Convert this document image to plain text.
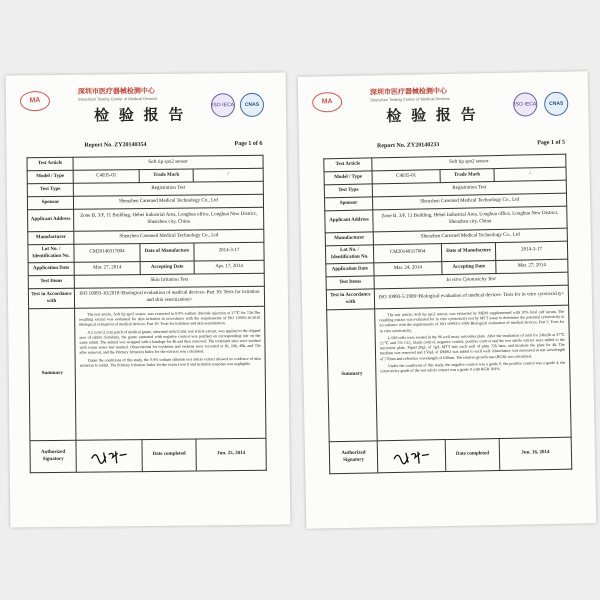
MA
深圳市医疗器械检测中心
Shenzhen Testing Center of Medical Devices
检 验 报 告
ISO·IECA	CNAS
Report No. ZY20140354	Page 1 of 6
Test Article	Soft tip spo2 sensor		
Model / Type	C4035-01	Trade Mark	/
Test Type	Registration Test		
Sponsor	Shenzhen Caremed Medical Technology Co., Ltd		
Applicant Address	Zone B, 3/F, 11 Building, Hebei Industrial Area, Longhua office, Longhua New District, Shenzhen city, China		
Manufacturer	Shenzhen Caremed Medical Technology Co., Ltd		
Lot No. / Identification No.	CM20140317004	Date of Manufacture	2014-3-17
Application Date	Mar. 27, 2014	Accepting Date	Apr. 17, 2014
Test Items	Skin Irritation Test		
Test in Accordance with	ISO 10993-10:2010<Biological evaluation of medical devices- Part 10: Tests for irritation and skin sensitization>		
Summary	The test article, Soft tip spo2 sensor, was extracted in 0.9% sodium chloride injection at 37℃ for 72h.The resulting extract was evaluated for skin irritation in accordance with the requirements of ISO 10993-10:2010 Biological evaluation of medical devices- Part 10: Tests for irritation and skin sensitization.

A 2.5cm×2.5cm patch of medical gauze, saturated with 0.5mL test article extract, was applied to the clipped area of rabbit. Similarly, the gauze saturated with negative control was patched on corresponding site on the same rabbit. The animal was wrapped with a bandage for 4h and then removed. The treatment sites were washed with warm water and marked. Observations for erythema and oedema were recorded at 1h, 24h, 48h, and 72h after removal, and the Primary Irritation Index for the extracts was calculated.

Under the conditions of this study, the 0.9% sodium chloride test article extract showed no evidence of skin irritation to rabbit. The Primary Irritation Index for the extract was 0 and irritation response was negligible.		

Authorized Signatory		Date completed	Jun. 25, 2014
MA
深圳市医疗器械检测中心
Shenzhen Testing Center of Medical Devices
检 验 报 告
ISO·IECA	CNAS
Report No. ZY20140233	Page 1 of 5
Test Article	Soft tip spo2 sensor		
Model / Type	C4035-01	Trade Mark	/
Test Type	Registration Test		
Sponsor	Shenzhen Caremed Medical Technology Co., Ltd		
Applicant Address	Zone B, 3/F, 11 Building, Hebei Industrial Area, Longhua office, Longhua New District, Shenzhen city, China		
Manufacturer	Shenzhen Caremed Medical Technology Co., Ltd		
Lot No. / Identification No.	CM20140317004	Date of Manufacture	2014-3-17
Application Date	Mar. 24, 2014	Accepting Date	Mar. 27, 2014
Test Items	In vitro Cytotoxicity Test		
Test in Accordance with	ISO 10993-5:1999<Biological evaluation of medical devices- Tests for in vitro cytotoxicity>		
Summary	The test article, Soft tip spo2 sensor, was extracted by MEM supplemented with 10% fetal calf serum. The resulting extract was evaluated for in vitro cytotoxicity test by MTT assay to determine the potential cytotoxicity in accordance with the requirements of ISO 10993-5:1999 Biological evaluation of medical devices, Part 5: Tests for in vitro cytotoxicity.

L-929 cells were seeded in the 96 well assay microtiter plate. After the incubation of cells for 24h±2h at 37℃±1℃ and 5% CO₂, blank control, negative control, positive control and the test article extract were added to the microtiter plate. Piped 20μL of 5g/L MTT into each well of plate 72h later, and incubate the plate for 4h. The medium was removed and 150μL of DMSO was added to each well. Absorbance was measured at test wavelength of 570nm and reference wavelength of 630nm. The relative growth rate (RGR) was calculated.

Under the conditions of this study, the negative control was a grade 0, the positive control was a grade 4, the cytotoxicity grade of the test article extract was a grade 0 with RGR 104%.		

Authorized Signatory		Date completed	Jun. 16, 2014
